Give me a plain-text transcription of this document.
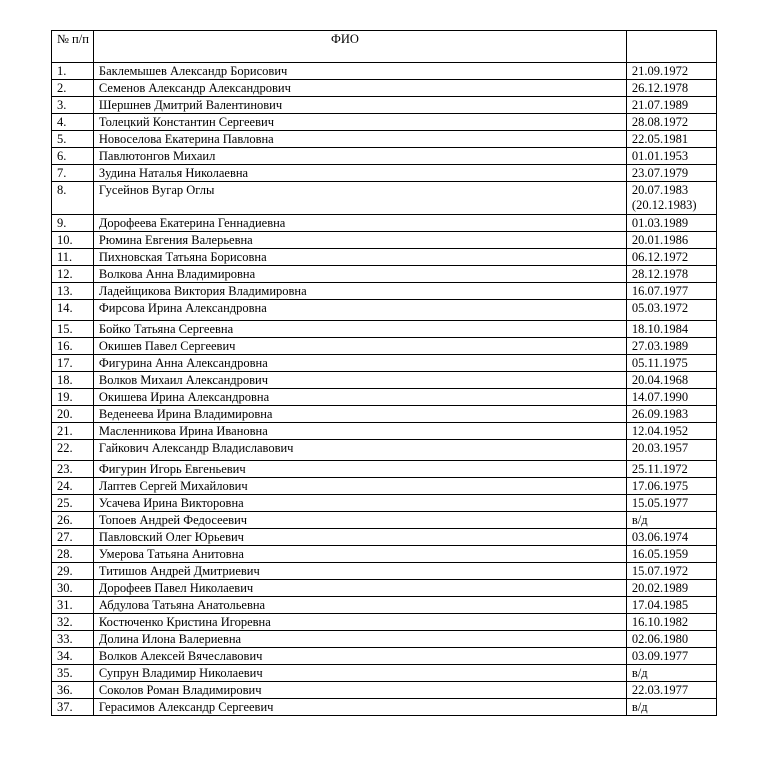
№ п/п	ФИО	
1.	Баклемышев Александр Борисович	21.09.1972
2.	Семенов Александр Александрович	26.12.1978
3.	Шершнев Дмитрий Валентинович	21.07.1989
4.	Толецкий Константин Сергеевич	28.08.1972
5.	Новоселова Екатерина Павловна	22.05.1981
6.	Павлютонгов Михаил	01.01.1953
7.	Зудина Наталья Николаевна	23.07.1979
8.	Гусейнов Вугар Оглы	20.07.1983
(20.12.1983)

9.	Дорофеева Екатерина Геннадиевна	01.03.1989
10.	Рюмина Евгения Валерьевна	20.01.1986
11.	Пихновская Татьяна Борисовна	06.12.1972
12.	Волкова Анна Владимировна	28.12.1978
13.	Ладейщикова Виктория Владимировна	16.07.1977
14.	Фирсова Ирина Александровна	05.03.1972
15.	Бойко Татьяна Сергеевна	18.10.1984
16.	Окишев Павел Сергеевич	27.03.1989
17.	Фигурина Анна Александровна	05.11.1975
18.	Волков Михаил Александрович	20.04.1968
19.	Окишева Ирина Александровна	14.07.1990
20.	Веденеева Ирина Владимировна	26.09.1983
21.	Масленникова Ирина Ивановна	12.04.1952
22.	Гайкович Александр Владиславович	20.03.1957
23.	Фигурин Игорь Евгеньевич	25.11.1972
24.	Лаптев Сергей Михайлович	17.06.1975
25.	Усачева Ирина Викторовна	15.05.1977
26.	Топоев Андрей Федосеевич	в/д
27.	Павловский Олег Юрьевич	03.06.1974
28.	Умерова Татьяна Анитовна	16.05.1959
29.	Титишов Андрей Дмитриевич	15.07.1972
30.	Дорофеев Павел Николаевич	20.02.1989
31.	Абдулова Татьяна Анатольевна	17.04.1985
32.	Костюченко Кристина Игоревна	16.10.1982
33.	Долина Илона Валериевна	02.06.1980
34.	Волков Алексей Вячеславович	03.09.1977
35.	Супрун Владимир Николаевич	в/д
36.	Соколов Роман Владимирович	22.03.1977
37.	Герасимов Александр Сергеевич	в/д
